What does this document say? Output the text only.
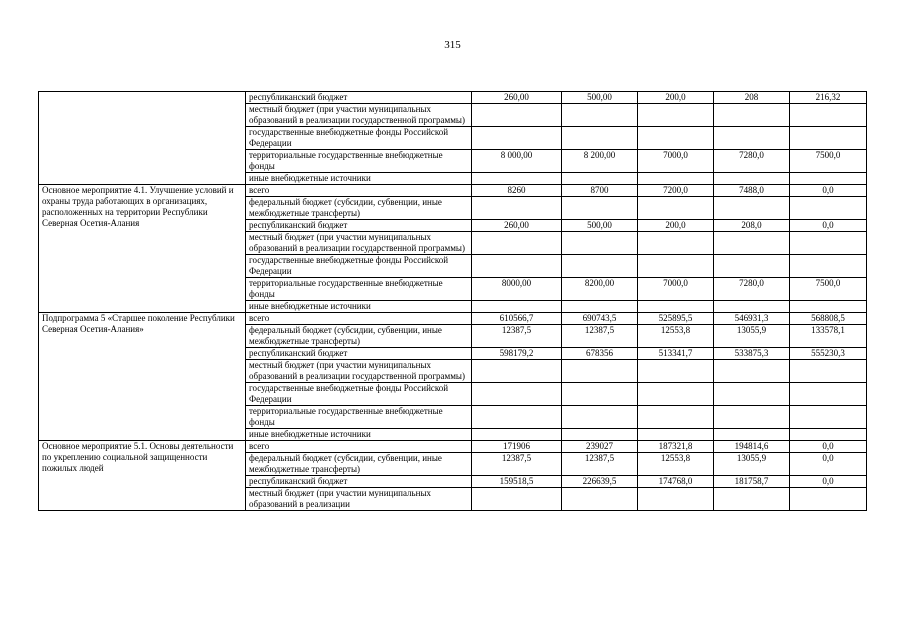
315
	республиканский бюджет	260,00	500,00	200,0	208	216,32
	местный бюджет (при участии муниципальных образований в реализации государственной программы)					
	государственные внебюджетные фонды Российской Федерации					
	территориальные государственные внебюджетные фонды	8 000,00	8 200,00	7000,0	7280,0	7500,0
	иные внебюджетные источники					
Основное мероприятие 4.1. Улучшение условий и охраны труда работающих в организациях, расположенных на территории Республики Северная Осетия-Алания	всего	8260	8700	7200,0	7488,0	0,0
	федеральный бюджет (субсидии, субвенции, иные межбюджетные трансферты)					
	республиканский бюджет	260,00	500,00	200,0	208,0	0,0
	местный бюджет (при участии муниципальных образований в реализации государственной программы)					
	государственные внебюджетные фонды Российской Федерации					
	территориальные государственные внебюджетные фонды	8000,00	8200,00	7000,0	7280,0	7500,0
	иные внебюджетные источники					
Подпрограмма 5 «Старшее поколение Республики Северная Осетия-Алания»	всего	610566,7	690743,5	525895,5	546931,3	568808,5
	федеральный бюджет (субсидии, субвенции, иные межбюджетные трансферты)	12387,5	12387,5	12553,8	13055,9	133578,1
	республиканский бюджет	598179,2	678356	513341,7	533875,3	555230,3
	местный бюджет (при участии муниципальных образований в реализации государственной программы)					
	государственные внебюджетные фонды Российской Федерации					
	территориальные государственные внебюджетные фонды					
	иные внебюджетные источники					
Основное мероприятие 5.1. Основы деятельности по укреплению социальной защищенности пожилых людей	всего	171906	239027	187321,8	194814,6	0,0
	федеральный бюджет (субсидии, субвенции, иные межбюджетные трансферты)	12387,5	12387,5	12553,8	13055,9	0,0
	республиканский бюджет	159518,5	226639,5	174768,0	181758,7	0,0
	местный бюджет (при участии муниципальных образований в реализации					
